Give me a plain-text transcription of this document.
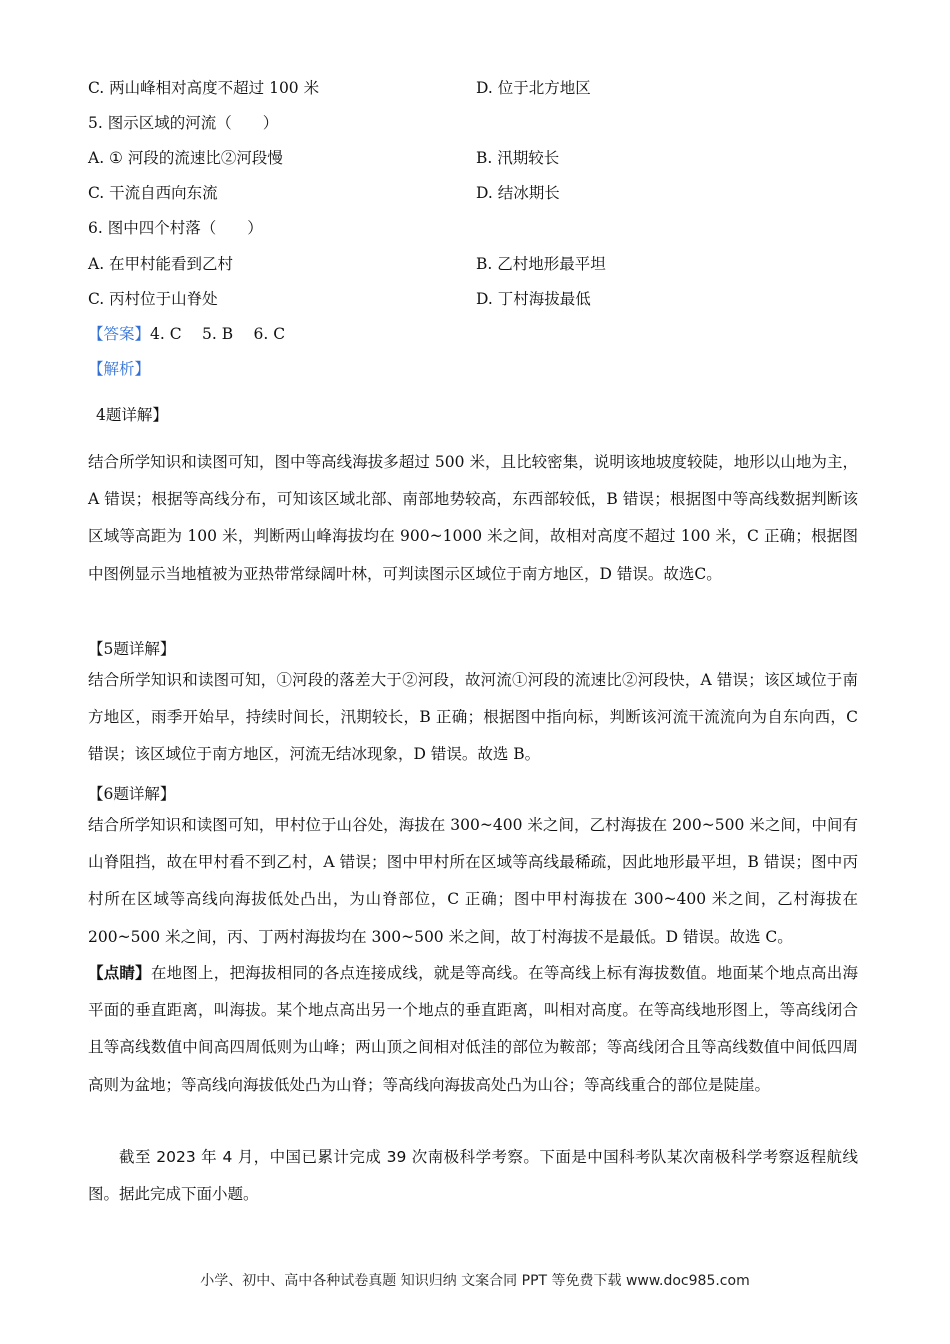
C. 两山峰相对高度不超过 100 米	D. 位于北方地区
5. 图示区域的河流（　　）
A. ① 河段的流速比②河段慢	B. 汛期较长
C. 干流自西向东流	D. 结冰期长
6. 图中四个村落（　　）
A. 在甲村能看到乙村	B. 乙村地形最平坦
C. 丙村位于山脊处	D. 丁村海拔最低
【答案】4. C　 5. B　 6. C
【解析】
4题详解】
结合所学知识和读图可知，图中等高线海拔多超过 500 米，且比较密集，说明该地坡度较陡，地形以山地为主，A 错误；根据等高线分布，可知该区域北部、南部地势较高，东西部较低，B 错误；根据图中等高线数据判断该区域等高距为 100 米，判断两山峰海拔均在 900~1000 米之间，故相对高度不超过 100 米，C 正确；根据图中图例显示当地植被为亚热带常绿阔叶林，可判读图示区域位于南方地区，D 错误。故选C。
【5题详解】
结合所学知识和读图可知，①河段的落差大于②河段，故河流①河段的流速比②河段快，A 错误；该区域位于南方地区，雨季开始早，持续时间长，汛期较长，B 正确；根据图中指向标，判断该河流干流流向为自东向西，C 错误；该区域位于南方地区，河流无结冰现象，D 错误。故选 B。
【6题详解】
结合所学知识和读图可知，甲村位于山谷处，海拔在 300~400 米之间，乙村海拔在 200~500 米之间，中间有山脊阻挡，故在甲村看不到乙村，A 错误；图中甲村所在区域等高线最稀疏，因此地形最平坦，B 错误；图中丙村所在区域等高线向海拔低处凸出，为山脊部位，C 正确；图中甲村海拔在 300~400 米之间，乙村海拔在 200~500 米之间，丙、丁两村海拔均在 300~500 米之间，故丁村海拔不是最低。D 错误。故选 C。
【点睛】在地图上，把海拔相同的各点连接成线，就是等高线。在等高线上标有海拔数值。地面某个地点高出海平面的垂直距离，叫海拔。某个地点高出另一个地点的垂直距离，叫相对高度。在等高线地形图上，等高线闭合且等高线数值中间高四周低则为山峰；两山顶之间相对低洼的部位为鞍部；等高线闭合且等高线数值中间低四周高则为盆地；等高线向海拔低处凸为山脊；等高线向海拔高处凸为山谷；等高线重合的部位是陡崖。
截至 2023 年 4 月，中国已累计完成 39 次南极科学考察。下面是中国科考队某次南极科学考察返程航线图。据此完成下面小题。
小学、初中、高中各种试卷真题 知识归纳 文案合同 PPT 等免费下载 www.doc985.com
